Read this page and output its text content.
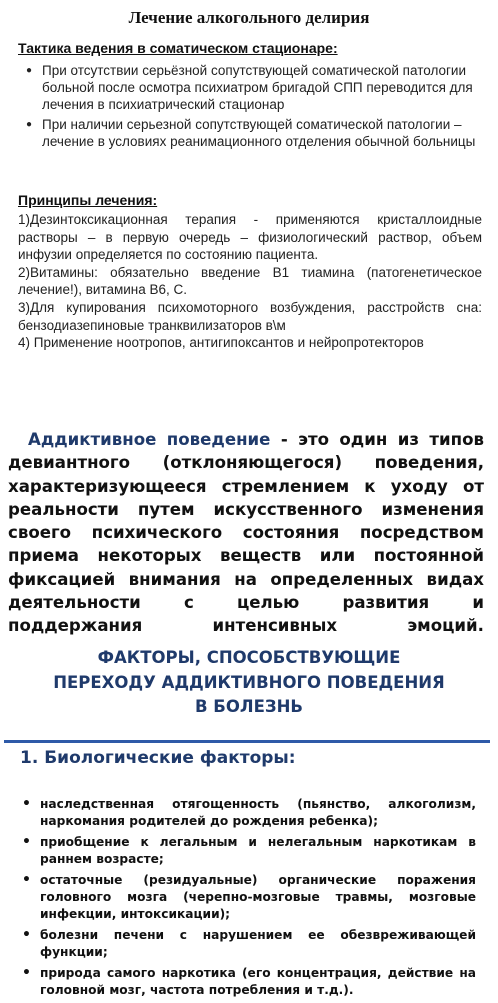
Лечение алкогольного делирия
Тактика ведения в соматическом стационаре:
● При отсутствии серьёзной сопутствующей соматической патологии больной после осмотра психиатром бригадой СПП переводится для лечения в психиатрический стационар
● При наличии серьезной сопутствующей соматической патологии – лечение в условиях реанимационного отделения обычной больницы
Принципы лечения:

1)Дезинтоксикационная терапия - применяются кристаллоидные растворы – в первую очередь – физиологический раствор, объем инфузии определяется по состоянию пациента.

2)Витамины: обязательно введение В1 тиамина (патогенетическое лечение!), витамина В6, С.

3)Для купирования психомоторного возбуждения, расстройств сна: бензодиазепиновые транквилизаторов в\м

4) Применение ноотропов, антигипоксантов и нейропротекторов

Аддиктивное поведение - это один из типов девиантного (отклоняющегося) поведения, характеризующееся стремлением к уходу от реальности путем искусственного изменения своего психического состояния посредством приема некоторых веществ или постоянной фиксацией внимания на определенных видах деятельности с целью развития и

поддержания интенсивных эмоций.

ФАКТОРЫ, СПОСОБСТВУЮЩИЕ
ПЕРЕХОДУ АДДИКТИВНОГО ПОВЕДЕНИЯ
В БОЛЕЗНЬ
1. Биологические факторы:
• наследственная отягощенность (пьянство, алкоголизм, наркомания родителей до рождения ребенка);
• приобщение к легальным и нелегальным наркотикам в раннем возрасте;
• остаточные (резидуальные) органические поражения головного мозга (черепно-мозговые травмы, мозговые инфекции, интоксикации);
• болезни печени с нарушением ее обезвреживающей функции;
• природа самого наркотика (его концентрация, действие на головной мозг, частота потребления и т.д.).
